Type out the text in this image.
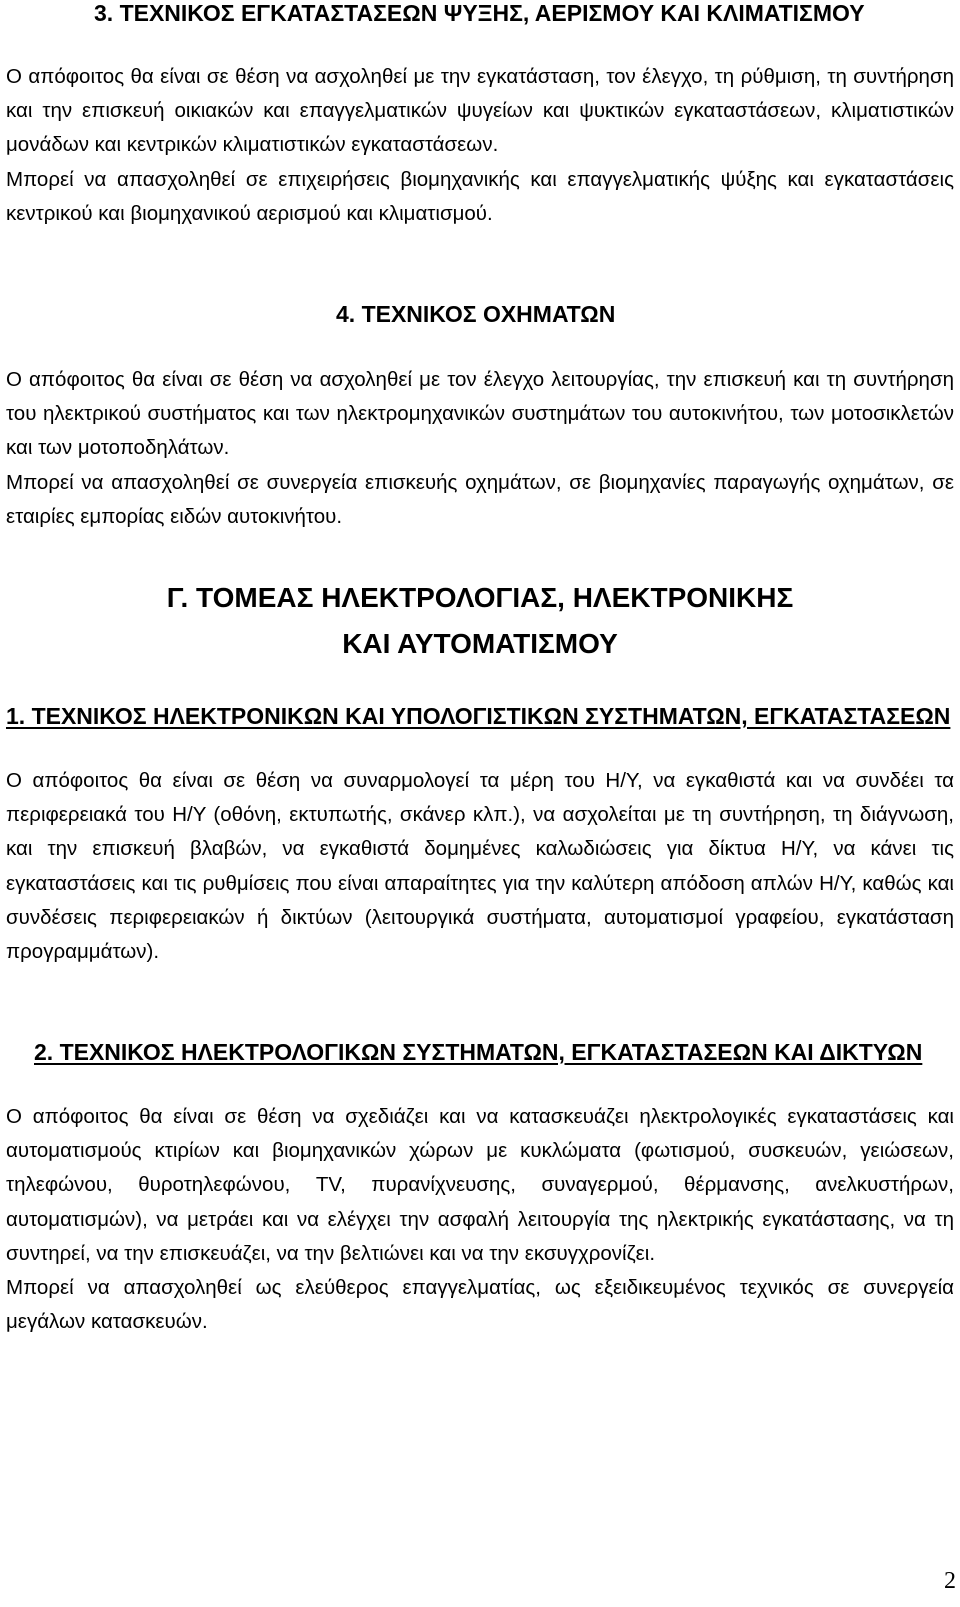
3. ΤΕΧΝΙΚΟΣ ΕΓΚΑΤΑΣΤΑΣΕΩΝ ΨΥΞΗΣ, ΑΕΡΙΣΜΟΥ ΚΑΙ ΚΛΙΜΑΤΙΣΜΟΥ

Ο απόφοιτος θα είναι σε θέση να ασχοληθεί με την εγκατάσταση, τον έλεγχο, τη ρύθμιση, τη συντήρηση και την επισκευή οικιακών και επαγγελματικών ψυγείων και ψυκτικών εγκαταστάσεων, κλιματιστικών μονάδων και κεντρικών κλιματιστικών εγκαταστάσεων.

Μπορεί να απασχοληθεί σε επιχειρήσεις βιομηχανικής και επαγγελματικής ψύξης και εγκαταστάσεις κεντρικού και βιομηχανικού αερισμού και κλιματισμού.

4. ΤΕΧΝΙΚΟΣ ΟΧΗΜΑΤΩΝ

Ο απόφοιτος θα είναι σε θέση να ασχοληθεί με τον έλεγχο λειτουργίας, την επισκευή και τη συντήρηση του ηλεκτρικού συστήματος και των ηλεκτρομηχανικών συστημάτων του αυτοκινήτου, των μοτοσικλετών και των μοτοποδηλάτων.

Μπορεί να απασχοληθεί σε συνεργεία επισκευής οχημάτων, σε βιομηχανίες παραγωγής οχημάτων, σε εταιρίες εμπορίας ειδών αυτοκινήτου.

Γ. ΤΟΜΕΑΣ ΗΛΕΚΤΡΟΛΟΓΙΑΣ, ΗΛΕΚΤΡΟΝΙΚΗΣ
ΚΑΙ ΑΥΤΟΜΑΤΙΣΜΟΥ
1. ΤΕΧΝΙΚΟΣ ΗΛΕΚΤΡΟΝΙΚΩΝ ΚΑΙ ΥΠΟΛΟΓΙΣΤΙΚΩΝ ΣΥΣΤΗΜΑΤΩΝ, ΕΓΚΑΤΑΣΤΑΣΕΩΝ

Ο απόφοιτος θα είναι σε θέση να συναρμολογεί τα μέρη του Η/Υ, να εγκαθιστά και να συνδέει τα περιφερειακά του Η/Υ (οθόνη, εκτυπωτής, σκάνερ κλπ.), να ασχολείται με τη συντήρηση, τη διάγνωση, και την επισκευή βλαβών, να εγκαθιστά δομημένες καλωδιώσεις για δίκτυα Η/Υ, να κάνει τις εγκαταστάσεις και τις ρυθμίσεις που είναι απαραίτητες για την καλύτερη απόδοση απλών Η/Υ, καθώς και συνδέσεις περιφερειακών ή δικτύων (λειτουργικά συστήματα, αυτοματισμοί γραφείου, εγκατάσταση προγραμμάτων).

2. ΤΕΧΝΙΚΟΣ ΗΛΕΚΤΡΟΛΟΓΙΚΩΝ ΣΥΣΤΗΜΑΤΩΝ, ΕΓΚΑΤΑΣΤΑΣΕΩΝ ΚΑΙ ΔΙΚΤΥΩΝ

Ο απόφοιτος θα είναι σε θέση να σχεδιάζει και να κατασκευάζει ηλεκτρολογικές εγκαταστάσεις και αυτοματισμούς κτιρίων και βιομηχανικών χώρων με κυκλώματα (φωτισμού, συσκευών, γειώσεων, τηλεφώνου, θυροτηλεφώνου, TV, πυρανίχνευσης, συναγερμού, θέρμανσης, ανελκυστήρων, αυτοματισμών), να μετράει και να ελέγχει την ασφαλή λειτουργία της ηλεκτρικής εγκατάστασης, να τη συντηρεί, να την επισκευάζει, να την βελτιώνει και να την εκσυγχρονίζει.

Μπορεί να απασχοληθεί ως ελεύθερος επαγγελματίας, ως εξειδικευμένος τεχνικός σε συνεργεία μεγάλων κατασκευών.

2
